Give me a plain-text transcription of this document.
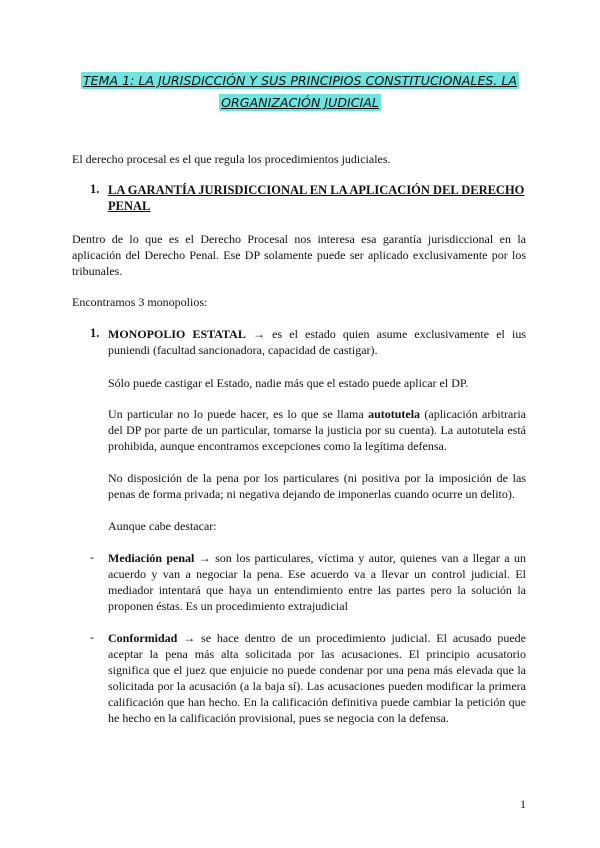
TEMA 1: LA JURISDICCIÓN Y SUS PRINCIPIOS CONSTITUCIONALES. LA
ORGANIZACIÓN JUDICIAL

El derecho procesal es el que regula los procedimientos judiciales.

1. LA GARANTÍA JURISDICCIONAL EN LA APLICACIÓN DEL DERECHO
PENAL

Dentro de lo que es el Derecho Procesal nos interesa esa garantía jurisdiccional en la aplicación del Derecho Penal. Ese DP solamente puede ser aplicado exclusivamente por los tribunales.

Encontramos 3 monopolios:

1. MONOPOLIO ESTATAL → es el estado quien asume exclusivamente el ius puniendi (facultad sancionadora, capacidad de castigar).

Sólo puede castigar el Estado, nadie más que el estado puede aplicar el DP.

Un particular no lo puede hacer, es lo que se llama autotutela (aplicación arbitraria del DP por parte de un particular, tomarse la justicia por su cuenta). La autotutela está prohibida, aunque encontramos excepciones como la legítima defensa.

No disposición de la pena por los particulares (ni positiva por la imposición de las penas de forma privada; ni negativa dejando de imponerlas cuando ocurre un delito).

Aunque cabe destacar:

- Mediación penal → son los particulares, víctima y autor, quienes van a llegar a un acuerdo y van a negociar la pena. Ese acuerdo va a llevar un control judicial. El mediador intentará que haya un entendimiento entre las partes pero la solución la proponen éstas. Es un procedimiento extrajudicial

- Conformidad → se hace dentro de un procedimiento judicial. El acusado puede aceptar la pena más alta solicitada por las acusaciones. El principio acusatorio significa que el juez que enjuicie no puede condenar por una pena más elevada que la solicitada por la acusación (a la baja sí). Las acusaciones pueden modificar la primera calificación que han hecho. En la calificación definitiva puede cambiar la petición que he hecho en la calificación provisional, pues se negocia con la defensa.

1
